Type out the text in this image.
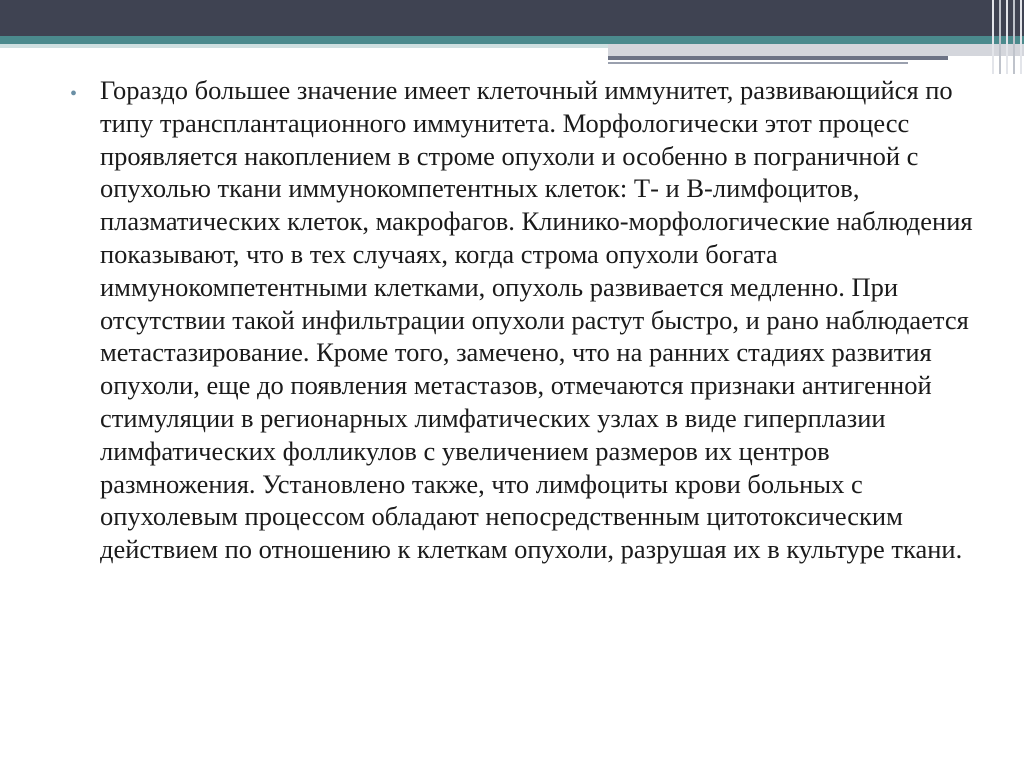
• Гораздо большее значение имеет клеточный иммунитет, развивающийся по типу трансплантационного иммунитета. Морфологически этот процесс проявляется накоплением в строме опухоли и особенно в пограничной с опухолью ткани иммунокомпетентных клеток: Т- и В-лимфоцитов, плазматических клеток, макрофагов. Клинико-морфологические наблюдения показывают, что в тех случаях, когда строма опухоли богата иммунокомпетентными клетками, опухоль развивается медленно. При отсутствии такой инфильтрации опухоли растут быстро, и рано наблюдается метастазирование. Кроме того, замечено, что на ранних стадиях развития опухоли, еще до появления метастазов, отмечаются признаки антигенной стимуляции в регионарных лимфатических узлах в виде гиперплазии лимфатических фолликулов с увеличением размеров их центров размножения. Установлено также, что лимфоциты крови больных с опухолевым процессом обладают непосредственным цитотоксическим действием по отношению к клеткам опухоли, разрушая их в культуре ткани.
